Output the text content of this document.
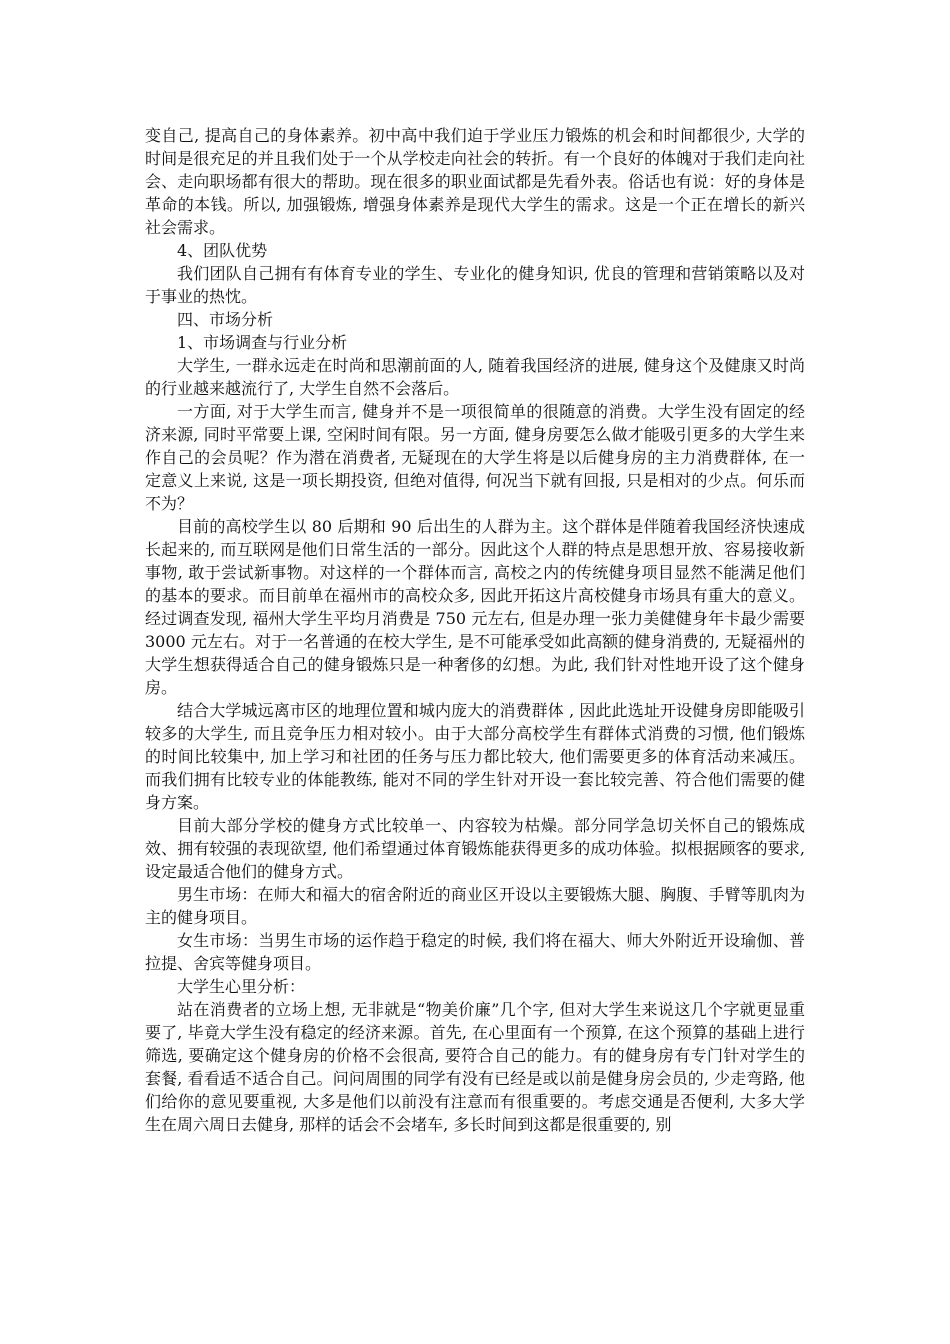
变自己, 提高自己的身体素养。初中高中我们迫于学业压力锻炼的机会和时间都很少, 大学的时间是很充足的并且我们处于一个从学校走向社会的转折。有一个良好的体魄对于我们走向社会、走向职场都有很大的帮助。现在很多的职业面试都是先看外表。俗话也有说：好的身体是革命的本钱。所以, 加强锻炼, 增强身体素养是现代大学生的需求。这是一个正在增长的新兴社会需求。

4、团队优势

我们团队自己拥有有体育专业的学生、专业化的健身知识, 优良的管理和营销策略以及对于事业的热忱。

四、市场分析

1、市场调查与行业分析

大学生, 一群永远走在时尚和思潮前面的人, 随着我国经济的进展, 健身这个及健康又时尚的行业越来越流行了, 大学生自然不会落后。

一方面, 对于大学生而言, 健身并不是一项很简单的很随意的消费。大学生没有固定的经济来源, 同时平常要上课, 空闲时间有限。另一方面, 健身房要怎么做才能吸引更多的大学生来作自己的会员呢？作为潜在消费者, 无疑现在的大学生将是以后健身房的主力消费群体, 在一定意义上来说, 这是一项长期投资, 但绝对值得, 何况当下就有回报, 只是相对的少点。何乐而不为？

目前的高校学生以 80 后期和 90 后出生的人群为主。这个群体是伴随着我国经济快速成长起来的, 而互联网是他们日常生活的一部分。因此这个人群的特点是思想开放、容易接收新事物, 敢于尝试新事物。对这样的一个群体而言, 高校之内的传统健身项目显然不能满足他们的基本的要求。而目前单在福州市的高校众多, 因此开拓这片高校健身市场具有重大的意义。经过调查发现, 福州大学生平均月消费是 750 元左右, 但是办理一张力美健健身年卡最少需要 3000 元左右。对于一名普通的在校大学生, 是不可能承受如此高额的健身消费的, 无疑福州的大学生想获得适合自己的健身锻炼只是一种奢侈的幻想。为此, 我们针对性地开设了这个健身房。

结合大学城远离市区的地理位置和城内庞大的消费群体 , 因此此选址开设健身房即能吸引较多的大学生, 而且竞争压力相对较小。由于大部分高校学生有群体式消费的习惯, 他们锻炼的时间比较集中, 加上学习和社团的任务与压力都比较大, 他们需要更多的体育活动来减压。而我们拥有比较专业的体能教练, 能对不同的学生针对开设一套比较完善、符合他们需要的健身方案。

目前大部分学校的健身方式比较单一、内容较为枯燥。部分同学急切关怀自己的锻炼成效、拥有较强的表现欲望, 他们希望通过体育锻炼能获得更多的成功体验。拟根据顾客的要求, 设定最适合他们的健身方式。

男生市场：在师大和福大的宿舍附近的商业区开设以主要锻炼大腿、胸腹、手臂等肌肉为主的健身项目。

女生市场：当男生市场的运作趋于稳定的时候, 我们将在福大、师大外附近开设瑜伽、普拉提、舍宾等健身项目。

大学生心里分析：

站在消费者的立场上想, 无非就是“物美价廉”几个字, 但对大学生来说这几个字就更显重要了, 毕竟大学生没有稳定的经济来源。首先, 在心里面有一个预算, 在这个预算的基础上进行筛选, 要确定这个健身房的价格不会很高, 要符合自己的能力。有的健身房有专门针对学生的套餐, 看看适不适合自己。问问周围的同学有没有已经是或以前是健身房会员的, 少走弯路, 他们给你的意见要重视, 大多是他们以前没有注意而有很重要的。考虑交通是否便利, 大多大学生在周六周日去健身, 那样的话会不会堵车, 多长时间到这都是很重要的, 别
